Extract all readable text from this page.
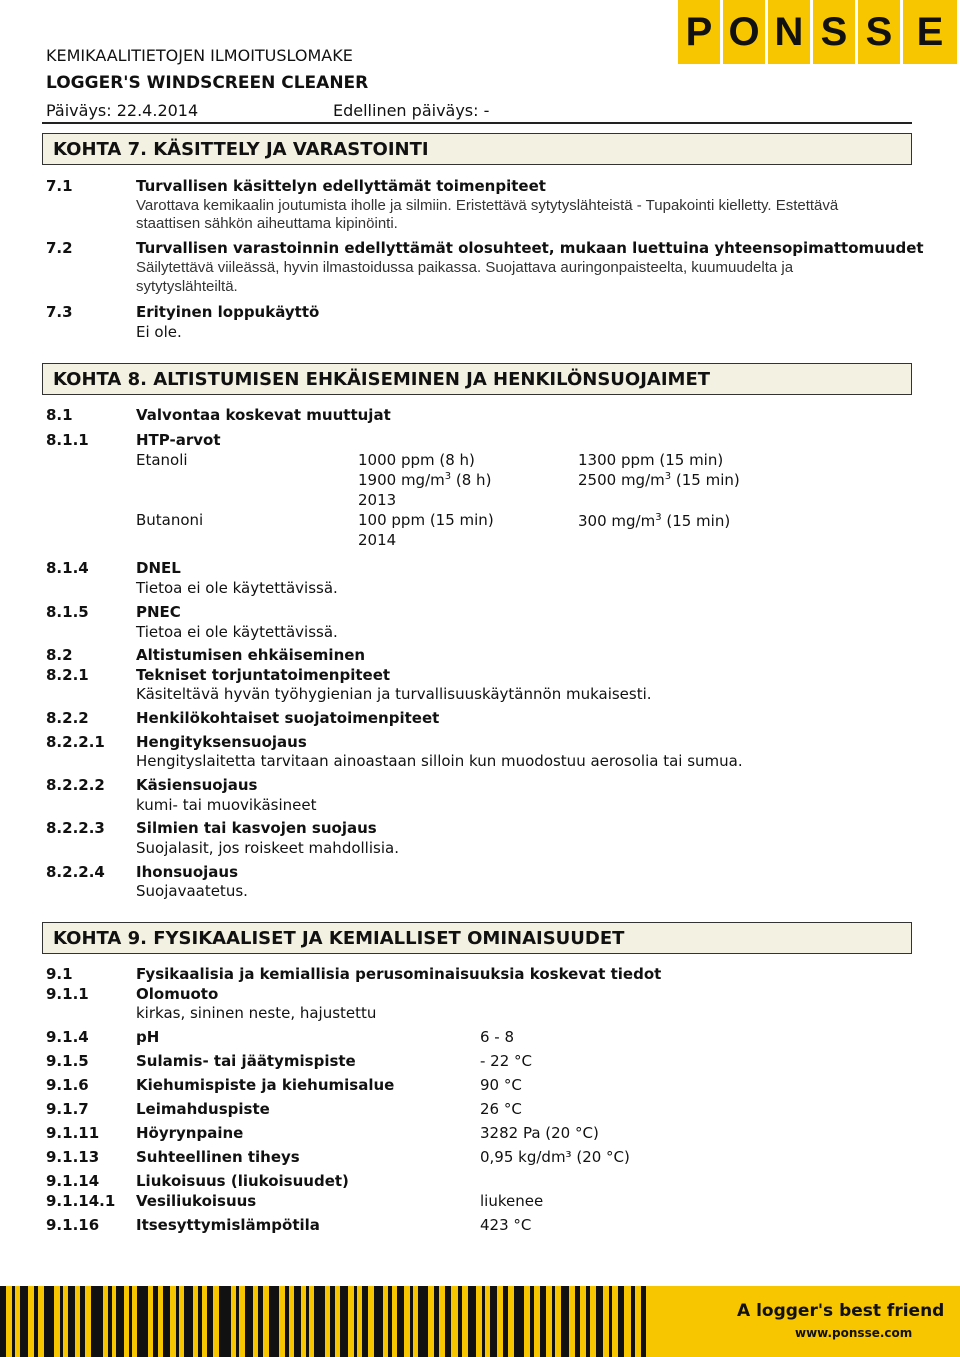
KEMIKAALITIETOJEN ILMOITUSLOMAKE
LOGGER'S WINDSCREEN CLEANER
Päiväys: 22.4.2014	Edellinen päiväys: -
P O N S S E
KOHTA 7. KÄSITTELY JA VARASTOINTI
7.1	Turvallisen käsittelyn edellyttämät toimenpiteet
Varottava kemikaalin joutumista iholle ja silmiin. Eristettävä sytytyslähteistä - Tupakointi kielletty. Estettävä
staattisen sähkön aiheuttama kipinöinti.
7.2	Turvallisen varastoinnin edellyttämät olosuhteet, mukaan luettuina yhteensopimattomuudet
Säilytettävä viileässä, hyvin ilmastoidussa paikassa. Suojattava auringonpaisteelta, kuumuudelta ja
sytytyslähteiltä.
7.3	Erityinen loppukäyttö
Ei ole.
KOHTA 8. ALTISTUMISEN EHKÄISEMINEN JA HENKILÖNSUOJAIMET
8.1	Valvontaa koskevat muuttujat
8.1.1	HTP-arvot
Etanoli	1000 ppm (8 h)	1300 ppm (15 min)
1900 $mg/m^3$ (8 h)	2500 $mg/m^3$ (15 min)
2013
Butanoni	100 ppm (15 min)	300 $mg/m^3$ (15 min)
2014
8.1.4	DNEL
Tietoa ei ole käytettävissä.
8.1.5	PNEC
Tietoa ei ole käytettävissä.
8.2	Altistumisen ehkäiseminen
8.2.1	Tekniset torjuntatoimenpiteet
Käsiteltävä hyvän työhygienian ja turvallisuuskäytännön mukaisesti.
8.2.2	Henkilökohtaiset suojatoimenpiteet
8.2.2.1 Hengityksensuojaus
Hengityslaitetta tarvitaan ainoastaan silloin kun muodostuu aerosolia tai sumua.
8.2.2.2 Käsiensuojaus
kumi- tai muovikäsineet
8.2.2.3 Silmien tai kasvojen suojaus
Suojalasit, jos roiskeet mahdollisia.
8.2.2.4 Ihonsuojaus
Suojavaatetus.
KOHTA 9. FYSIKAALISET JA KEMIALLISET OMINAISUUDET
9.1	Fysikaalisia ja kemiallisia perusominaisuuksia koskevat tiedot
9.1.1	Olomuoto
kirkas, sininen neste, hajustettu
9.1.4	pH	6 - 8
9.1.5	Sulamis- tai jäätymispiste	- 22 °C
9.1.6	Kiehumispiste ja kiehumisalue	90 °C
9.1.7	Leimahduspiste	26 °C
9.1.11 Höyrynpaine	3282 Pa (20 °C)
9.1.13 Suhteellinen tiheys	0,95 kg/dm³ (20 °C)
9.1.14 Liukoisuus (liukoisuudet)
9.1.14.1 Vesiliukoisuus	liukenee
9.1.16 Itsesyttymislämpötila	423 °C
A logger's best friend
www.ponsse.com
